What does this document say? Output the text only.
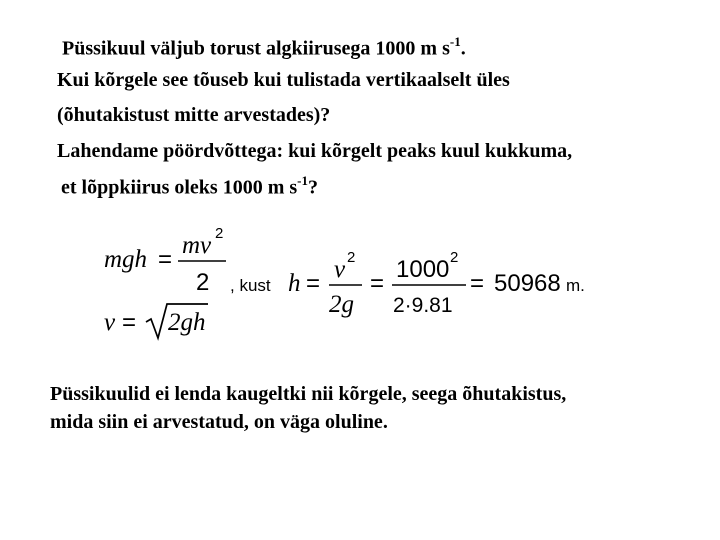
Püssikuul väljub torust algkiirusega 1000 m $s^{-1}$.
Kui kõrgele see tõuseb kui tulistada vertikaalselt üles
(õhutakistust mitte arvestades)?
Lahendame pöördvõttega: kui kõrgelt peaks kuul kukkuma,
et lõppkiirus oleks 1000 m $s^{-1}$?
mgh =
mv 2
2 , kust h =
v 2
2g
=
1000 2
2·9.81
= 50968 m.
v = 2gh
Püssikuulid ei lenda kaugeltki nii kõrgele, seega õhutakistus,
mida siin ei arvestatud, on väga oluline.
